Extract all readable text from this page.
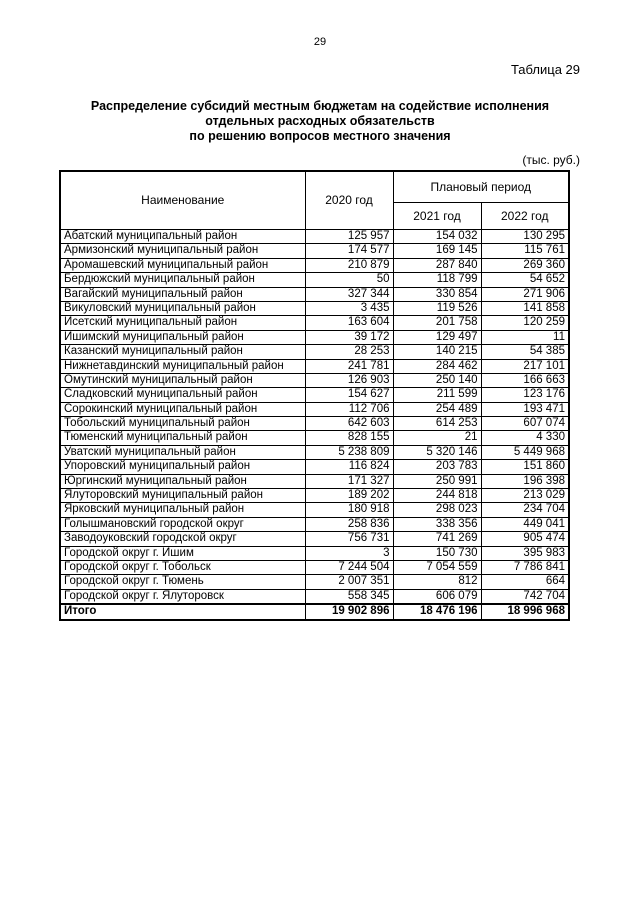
29
Таблица 29
Распределение субсидий местным бюджетам на содействие исполнения
отдельных расходных обязательств
по решению вопросов местного значения
(тыс. руб.)
Наименование	2020 год	Плановый период	
		2021 год	2022 год
Абатский муниципальный район	125 957	154 032	130 295
Армизонский муниципальный район	174 577	169 145	115 761
Аромашевский муниципальный район	210 879	287 840	269 360
Бердюжский муниципальный район	50	118 799	54 652
Вагайский муниципальный район	327 344	330 854	271 906
Викуловский муниципальный район	3 435	119 526	141 858
Исетский муниципальный район	163 604	201 758	120 259
Ишимский муниципальный район	39 172	129 497	11
Казанский муниципальный район	28 253	140 215	54 385
Нижнетавдинский муниципальный район	241 781	284 462	217 101
Омутинский муниципальный район	126 903	250 140	166 663
Сладковский муниципальный район	154 627	211 599	123 176
Сорокинский муниципальный район	112 706	254 489	193 471
Тобольский муниципальный район	642 603	614 253	607 074
Тюменский муниципальный район	828 155	21	4 330
Уватский муниципальный район	5 238 809	5 320 146	5 449 968
Упоровский муниципальный район	116 824	203 783	151 860
Юргинский муниципальный район	171 327	250 991	196 398
Ялуторовский муниципальный район	189 202	244 818	213 029
Ярковский муниципальный район	180 918	298 023	234 704
Голышмановский городской округ	258 836	338 356	449 041
Заводоуковский городской округ	756 731	741 269	905 474
Городской округ г. Ишим	3	150 730	395 983
Городской округ г. Тобольск	7 244 504	7 054 559	7 786 841
Городской округ г. Тюмень	2 007 351	812	664
Городской округ г. Ялуторовск	558 345	606 079	742 704
Итого	19 902 896	18 476 196	18 996 968
